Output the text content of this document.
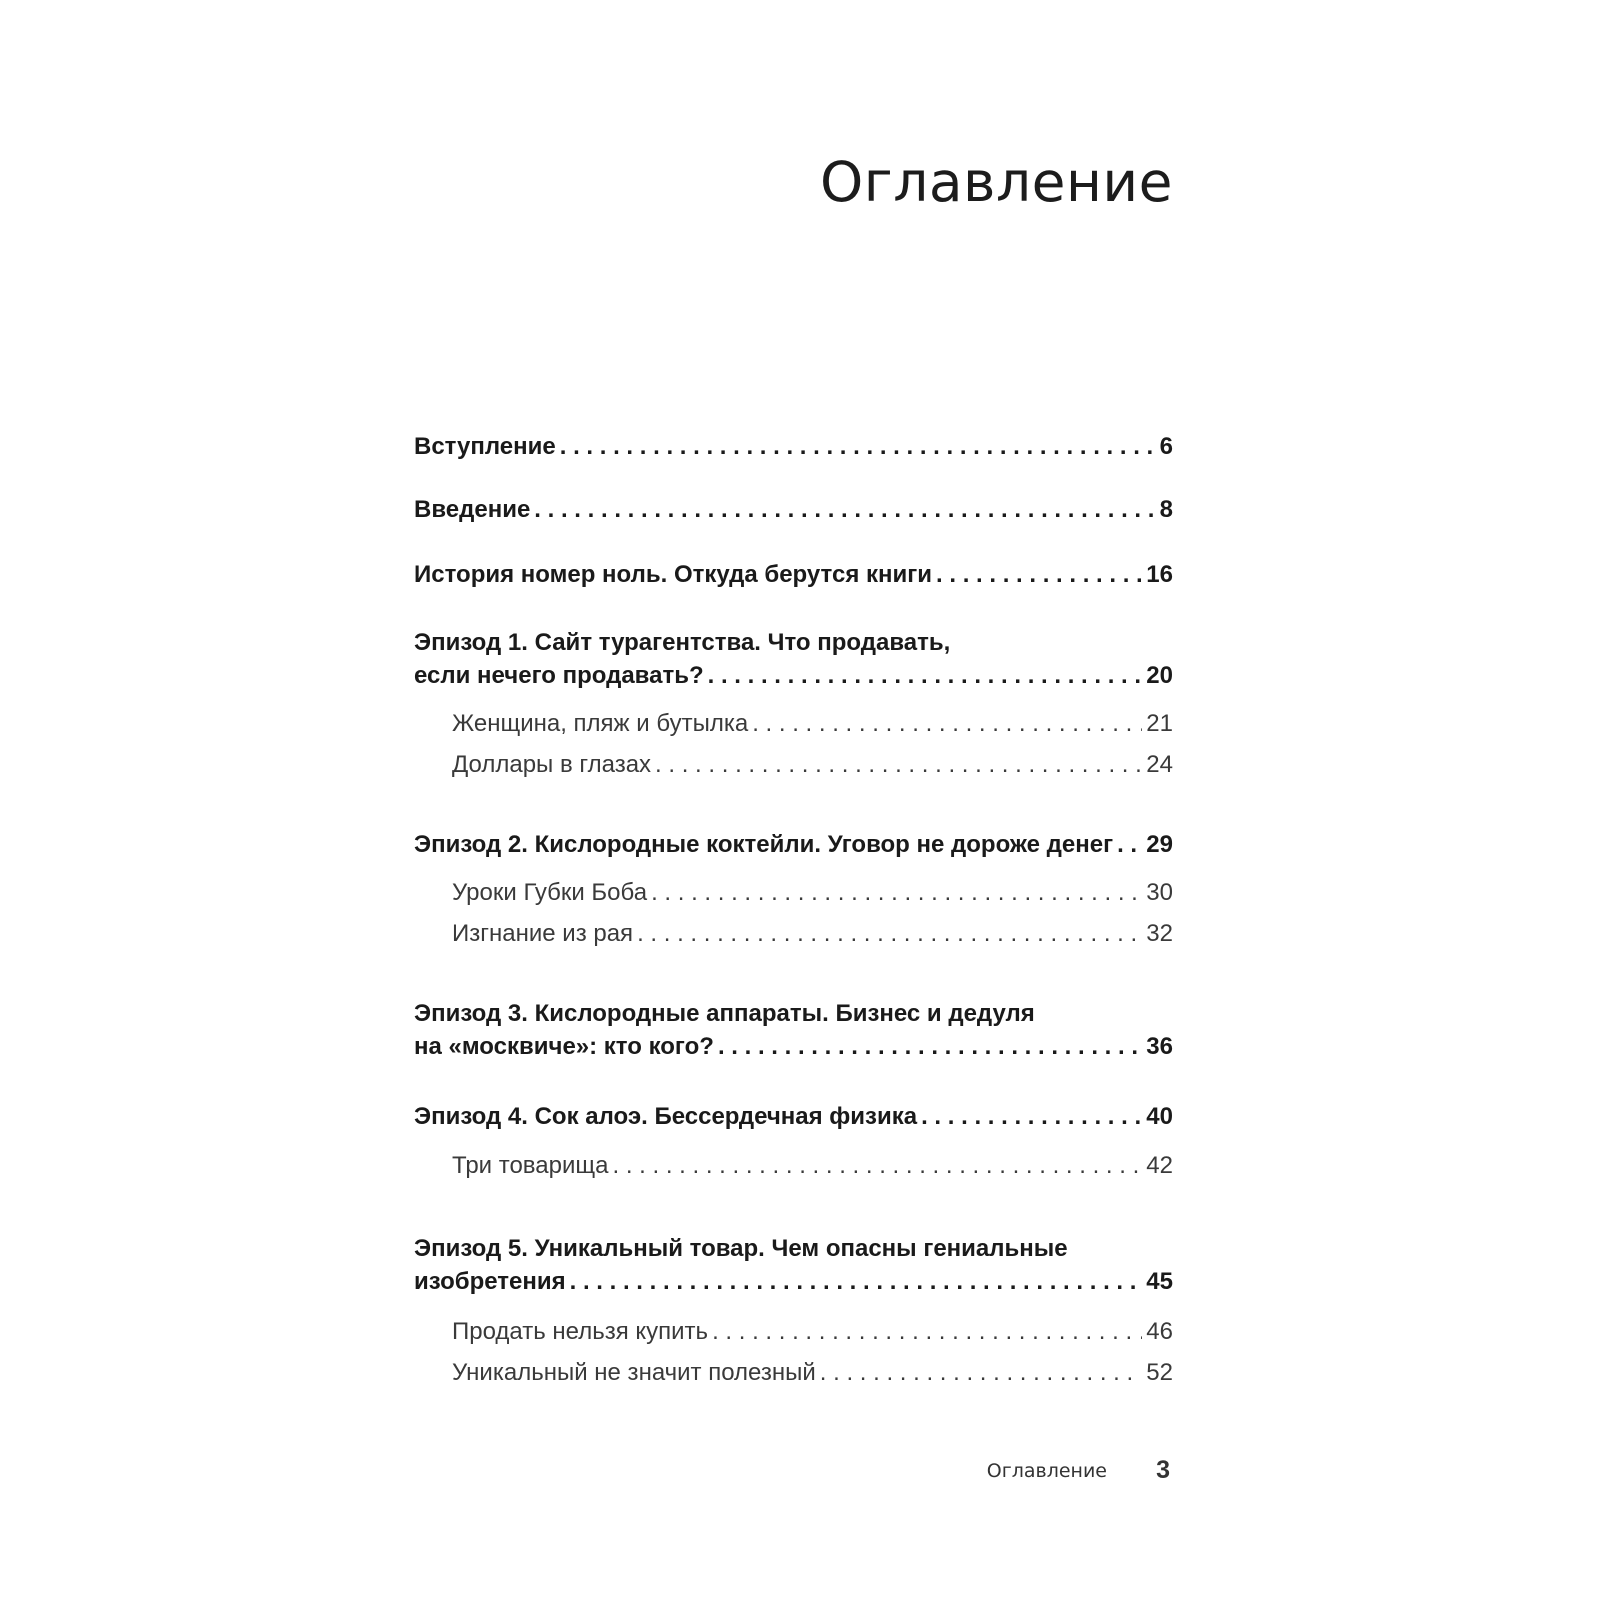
Оглавление
Вступление . . .	6
Введение . . .	8
История номер ноль. Откуда берутся книги . . .	16
Эпизод 1. Сайт турагентства. Что продавать,
если нечего продавать? . . .	20
Женщина, пляж и бутылка . . .	21
Доллары в глазах . . .	24
Эпизод 2. Кислородные коктейли. Уговор не дороже денег . . . 29
Уроки Губки Боба . . .	30
Изгнание из рая . . .	32
Эпизод 3. Кислородные аппараты. Бизнес и дедуля
на «москвиче»: кто кого? . . .	36
Эпизод 4. Сок алоэ. Бессердечная физика . . .	40
Три товарища . . .	42
Эпизод 5. Уникальный товар. Чем опасны гениальные
изобретения . . .	45
Продать нельзя купить . . .	46
Уникальный не значит полезный . . .	52
Оглавление 3
